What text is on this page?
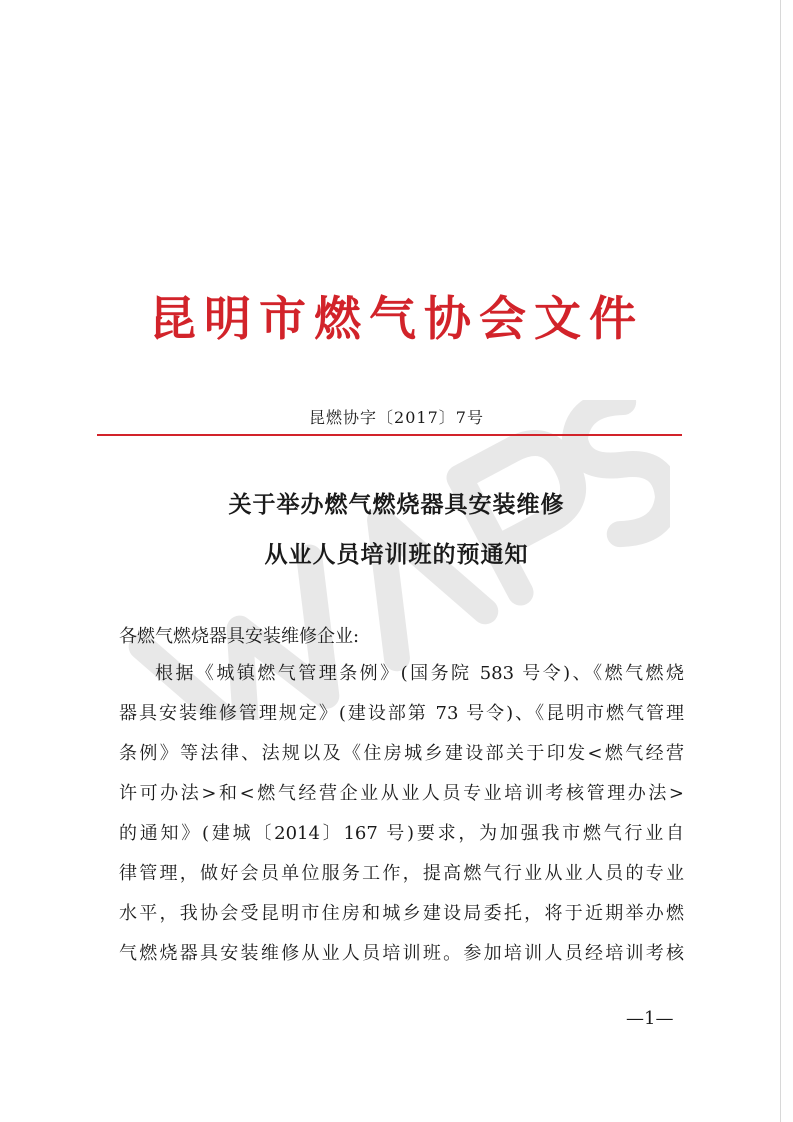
昆明市燃气协会文件
昆燃协字〔2017〕7号
关于举办燃气燃烧器具安装维修
从业人员培训班的预通知
各燃气燃烧器具安装维修企业:
根据《城镇燃气管理条例》(国务院 583 号令)、《燃气燃烧
器具安装维修管理规定》(建设部第 73 号令)、《昆明市燃气管理
条例》等法律、法规以及《住房城乡建设部关于印发<燃气经营
许可办法>和<燃气经营企业从业人员专业培训考核管理办法>
的通知》(建城〔2014〕167 号)要求，为加强我市燃气行业自
律管理，做好会员单位服务工作，提高燃气行业从业人员的专业
水平，我协会受昆明市住房和城乡建设局委托，将于近期举办燃
气燃烧器具安装维修从业人员培训班。参加培训人员经培训考核
—1—
